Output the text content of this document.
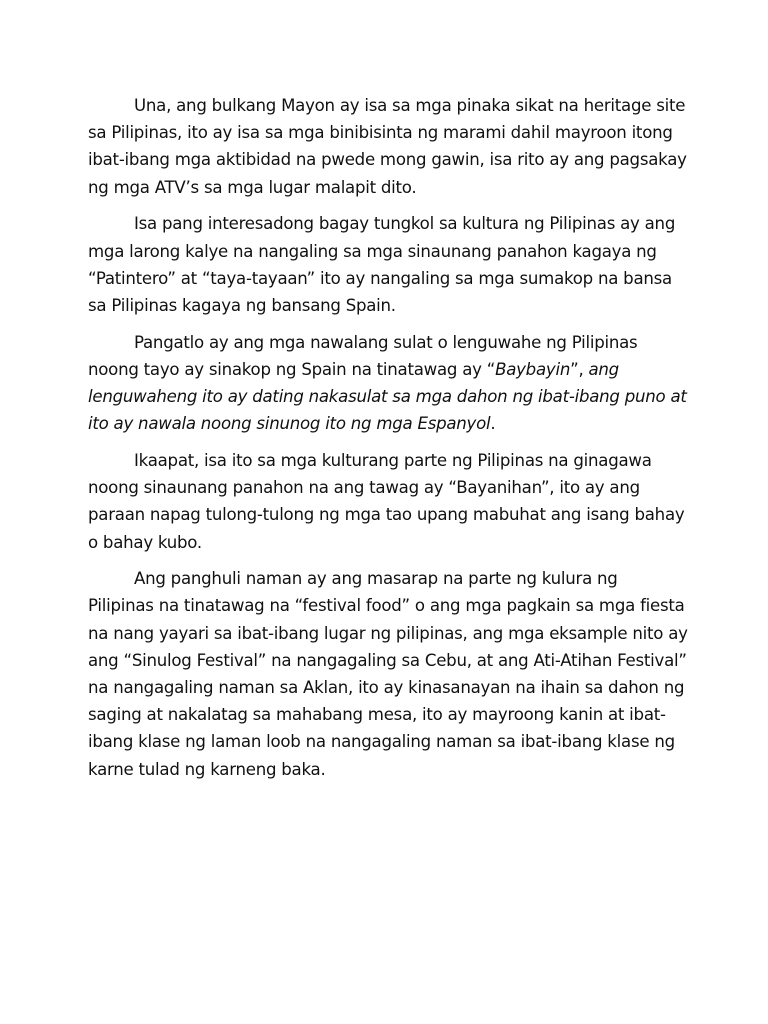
Una, ang bulkang Mayon ay isa sa mga pinaka sikat na heritage site sa Pilipinas, ito ay isa sa mga binibisinta ng marami dahil mayroon itong ibat-ibang mga aktibidad na pwede mong gawin, isa rito ay ang pagsakay ng mga ATV’s sa mga lugar malapit dito.

Isa pang interesadong bagay tungkol sa kultura ng Pilipinas ay ang mga larong kalye na nangaling sa mga sinaunang panahon kagaya ng “Patintero” at “taya-tayaan” ito ay nangaling sa mga sumakop na bansa sa Pilipinas kagaya ng bansang Spain.

Pangatlo ay ang mga nawalang sulat o lenguwahe ng Pilipinas noong tayo ay sinakop ng Spain na tinatawag ay “Baybayin”, ang lenguwaheng ito ay dating nakasulat sa mga dahon ng ibat-ibang puno at ito ay nawala noong sinunog ito ng mga Espanyol.

Ikaapat, isa ito sa mga kulturang parte ng Pilipinas na ginagawa noong sinaunang panahon na ang tawag ay “Bayanihan”, ito ay ang paraan napag tulong-tulong ng mga tao upang mabuhat ang isang bahay o bahay kubo.

Ang panghuli naman ay ang masarap na parte ng kulura ng Pilipinas na tinatawag na “festival food” o ang mga pagkain sa mga fiesta na nang yayari sa ibat-ibang lugar ng pilipinas, ang mga eksample nito ay ang “Sinulog Festival” na nangagaling sa Cebu, at ang Ati-Atihan Festival” na nangagaling naman sa Aklan, ito ay kinasanayan na ihain sa dahon ng saging at nakalatag sa mahabang mesa, ito ay mayroong kanin at ibat-ibang klase ng laman loob na nangagaling naman sa ibat-ibang klase ng karne tulad ng karneng baka.
